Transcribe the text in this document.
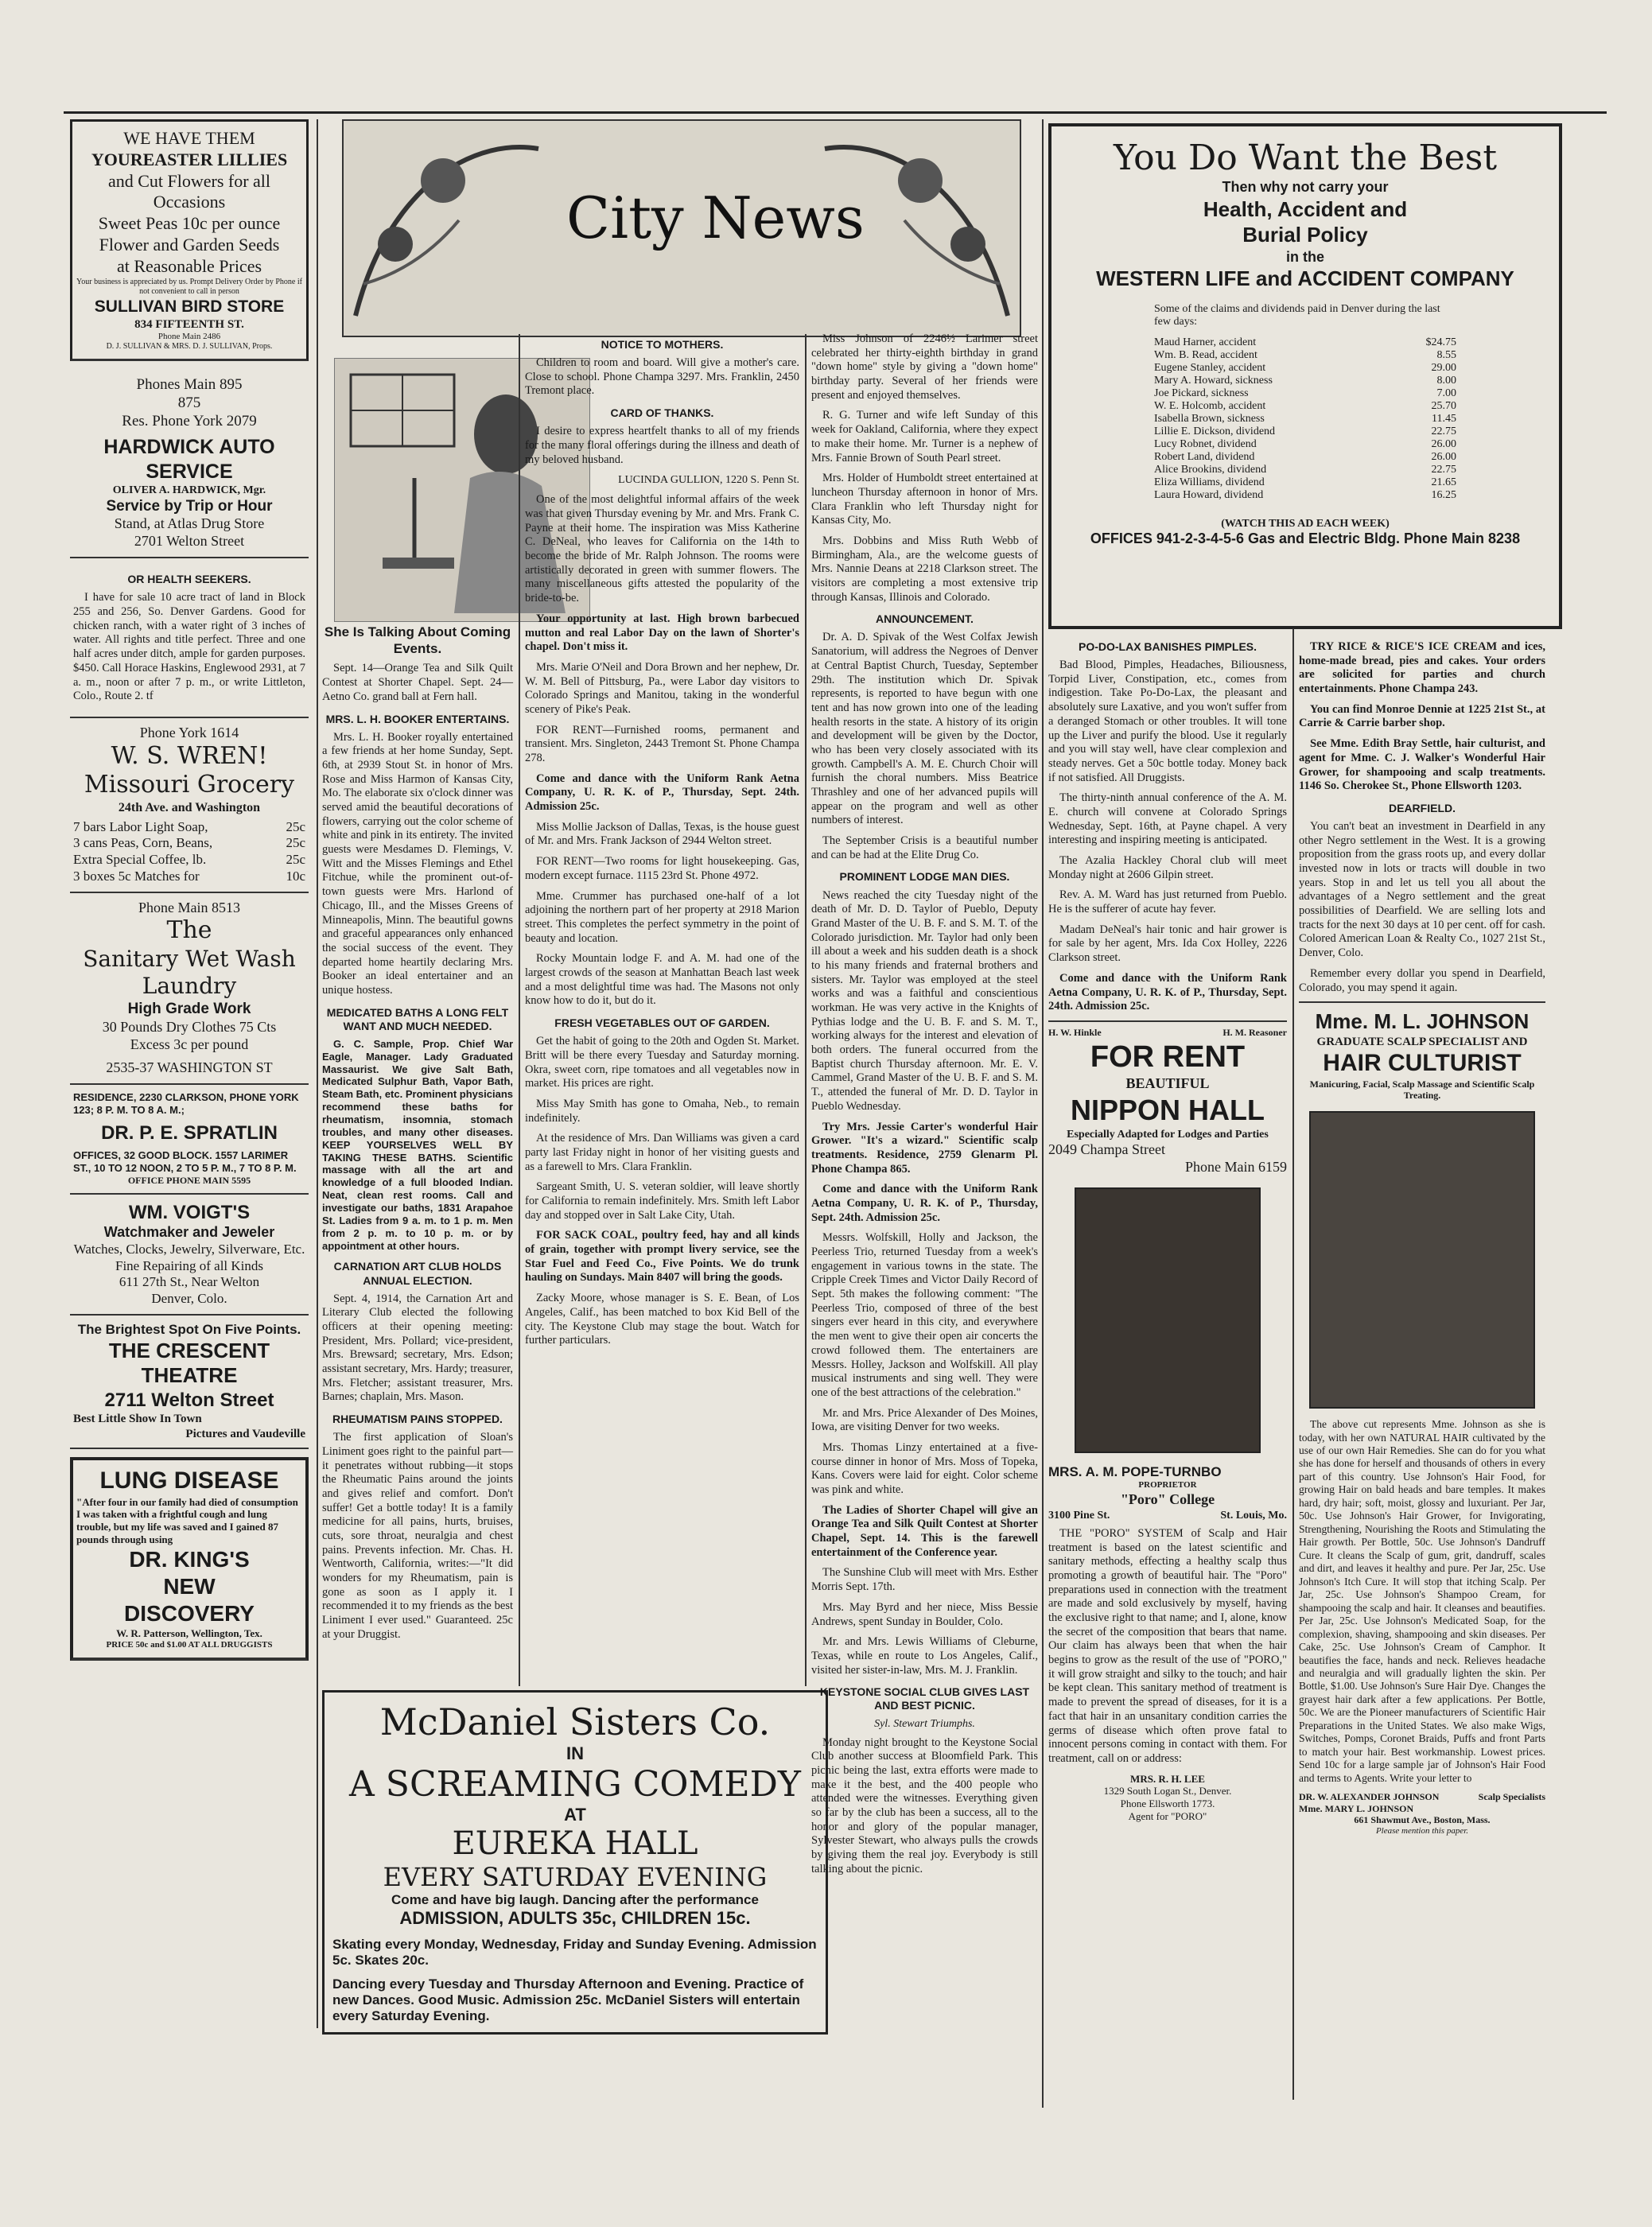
WE HAVE THEM
YOUREASTER LILLIES
and Cut Flowers for all Occasions
Sweet Peas 10c per ounce
Flower and Garden Seeds
at Reasonable Prices
Your business is appreciated by us. Prompt Delivery Order by Phone if not convenient to call in person
SULLIVAN BIRD STORE
834 FIFTEENTH ST.
Phone Main 2486
D. J. SULLIVAN & MRS. D. J. SULLIVAN, Props.
Phones Main 895
875
Res. Phone York 2079
HARDWICK AUTO SERVICE
OLIVER A. HARDWICK, Mgr.
Service by Trip or Hour
Stand, at Atlas Drug Store
2701 Welton Street
OR HEALTH SEEKERS.

I have for sale 10 acre tract of land in Block 255 and 256, So. Denver Gardens. Good for chicken ranch, with a water right of 3 inches of water. All rights and title perfect. Three and one half acres under ditch, ample for garden purposes. $450. Call Horace Haskins, Englewood 2931, at 7 a. m., noon or after 7 p. m., or write Littleton, Colo., Route 2. tf

Phone York 1614
W. S. WREN!
Missouri Grocery
24th Ave. and Washington
7 bars Labor Light Soap,	25c
3 cans Peas, Corn, Beans,	25c
Extra Special Coffee, lb.	25c
3 boxes 5c Matches for	10c
Phone Main 8513
The
Sanitary Wet Wash
Laundry
High Grade Work
30 Pounds Dry Clothes 75 Cts
Excess 3c per pound
2535-37 WASHINGTON ST
RESIDENCE, 2230 CLARKSON, PHONE YORK 123; 8 P. M. TO 8 A. M.;
DR. P. E. SPRATLIN
OFFICES, 32 GOOD BLOCK. 1557 LARIMER ST., 10 TO 12 NOON, 2 TO 5 P. M., 7 TO 8 P. M.
OFFICE PHONE MAIN 5595
WM. VOIGT'S
Watchmaker and Jeweler
Watches, Clocks, Jewelry, Silverware, Etc.
Fine Repairing of all Kinds
611 27th St., Near Welton
Denver, Colo.
The Brightest Spot On Five Points.
THE CRESCENT
THEATRE
2711 Welton Street
Best Little Show In Town
Pictures and Vaudeville
LUNG DISEASE
"After four in our family had died of consumption I was taken with a frightful cough and lung trouble, but my life was saved and I gained 87 pounds through using
DR. KING'S
NEW
DISCOVERY
W. R. Patterson, Wellington, Tex.
PRICE 50c and $1.00 AT ALL DRUGGISTS
City News
She Is Talking About Coming Events.

Sept. 14—Orange Tea and Silk Quilt Contest at Shorter Chapel. Sept. 24—Aetno Co. grand ball at Fern hall.

MRS. L. H. BOOKER ENTERTAINS.

Mrs. L. H. Booker royally entertained a few friends at her home Sunday, Sept. 6th, at 2939 Stout St. in honor of Mrs. Rose and Miss Harmon of Kansas City, Mo. The elaborate six o'clock dinner was served amid the beautiful decorations of flowers, carrying out the color scheme of white and pink in its entirety. The invited guests were Mesdames D. Flemings, V. Witt and the Misses Flemings and Ethel Fitchue, while the prominent out-of-town guests were Mrs. Harlond of Chicago, Ill., and the Misses Greens of Minneapolis, Minn. The beautiful gowns and graceful appearances only enhanced the social success of the event. They departed home heartily declaring Mrs. Booker an ideal entertainer and an unique hostess.

MEDICATED BATHS A LONG FELT WANT AND MUCH NEEDED.

G. C. Sample, Prop. Chief War Eagle, Manager. Lady Graduated Massaurist. We give Salt Bath, Medicated Sulphur Bath, Vapor Bath, Steam Bath, etc. Prominent physicians recommend these baths for rheumatism, insomnia, stomach troubles, and many other diseases. KEEP YOURSELVES WELL BY TAKING THESE BATHS. Scientific massage with all the art and knowledge of a full blooded Indian. Neat, clean rest rooms. Call and investigate our baths, 1831 Arapahoe St. Ladies from 9 a. m. to 1 p. m. Men from 2 p. m. to 10 p. m. or by appointment at other hours.

CARNATION ART CLUB HOLDS ANNUAL ELECTION.

Sept. 4, 1914, the Carnation Art and Literary Club elected the following officers at their opening meeting: President, Mrs. Pollard; vice-president, Mrs. Brewsard; secretary, Mrs. Edson; assistant secretary, Mrs. Hardy; treasurer, Mrs. Fletcher; assistant treasurer, Mrs. Barnes; chaplain, Mrs. Mason.

RHEUMATISM PAINS STOPPED.

The first application of Sloan's Liniment goes right to the painful part—it penetrates without rubbing—it stops the Rheumatic Pains around the joints and gives relief and comfort. Don't suffer! Get a bottle today! It is a family medicine for all pains, hurts, bruises, cuts, sore throat, neuralgia and chest pains. Prevents infection. Mr. Chas. H. Wentworth, California, writes:—"It did wonders for my Rheumatism, pain is gone as soon as I apply it. I recommended it to my friends as the best Liniment I ever used." Guaranteed. 25c at your Druggist.

NOTICE TO MOTHERS.

Children to room and board. Will give a mother's care. Close to school. Phone Champa 3297. Mrs. Franklin, 2450 Tremont place.

CARD OF THANKS.

I desire to express heartfelt thanks to all of my friends for the many floral offerings during the illness and death of my beloved husband.

LUCINDA GULLION, 1220 S. Penn St.

One of the most delightful informal affairs of the week was that given Thursday evening by Mr. and Mrs. Frank C. Payne at their home. The inspiration was Miss Katherine C. DeNeal, who leaves for California on the 14th to become the bride of Mr. Ralph Johnson. The rooms were artistically decorated in green with summer flowers. The many miscellaneous gifts attested the popularity of the bride-to-be.

Your opportunity at last. High brown barbecued mutton and real Labor Day on the lawn of Shorter's chapel. Don't miss it.

Mrs. Marie O'Neil and Dora Brown and her nephew, Dr. W. M. Bell of Pittsburg, Pa., were Labor day visitors to Colorado Springs and Manitou, taking in the wonderful scenery of Pike's Peak.

FOR RENT—Furnished rooms, permanent and transient. Mrs. Singleton, 2443 Tremont St. Phone Champa 278.

Come and dance with the Uniform Rank Aetna Company, U. R. K. of P., Thursday, Sept. 24th. Admission 25c.

Miss Mollie Jackson of Dallas, Texas, is the house guest of Mr. and Mrs. Frank Jackson of 2944 Welton street.

FOR RENT—Two rooms for light housekeeping. Gas, modern except furnace. 1115 23rd St. Phone 4972.

Mme. Crummer has purchased one-half of a lot adjoining the northern part of her property at 2918 Marion street. This completes the perfect symmetry in the point of beauty and location.

Rocky Mountain lodge F. and A. M. had one of the largest crowds of the season at Manhattan Beach last week and a most delightful time was had. The Masons not only know how to do it, but do it.

FRESH VEGETABLES OUT OF GARDEN.

Get the habit of going to the 20th and Ogden St. Market. Britt will be there every Tuesday and Saturday morning. Okra, sweet corn, ripe tomatoes and all vegetables now in market. His prices are right.

Miss May Smith has gone to Omaha, Neb., to remain indefinitely.

At the residence of Mrs. Dan Williams was given a card party last Friday night in honor of her visiting guests and as a farewell to Mrs. Clara Franklin.

Sargeant Smith, U. S. veteran soldier, will leave shortly for California to remain indefinitely. Mrs. Smith left Labor day and stopped over in Salt Lake City, Utah.

FOR SACK COAL, poultry feed, hay and all kinds of grain, together with prompt livery service, see the Star Fuel and Feed Co., Five Points. We do trunk hauling on Sundays. Main 8407 will bring the goods.

Zacky Moore, whose manager is S. E. Bean, of Los Angeles, Calif., has been matched to box Kid Bell of the city. The Keystone Club may stage the bout. Watch for further particulars.

McDaniel Sisters Co.
IN
A SCREAMING COMEDY
AT
EUREKA HALL
EVERY SATURDAY EVENING
Come and have big laugh. Dancing after the performance
ADMISSION, ADULTS 35c, CHILDREN 15c.
Skating every Monday, Wednesday, Friday and Sunday Evening. Admission 5c. Skates 20c.
Dancing every Tuesday and Thursday Afternoon and Evening. Practice of new Dances. Good Music. Admission 25c. McDaniel Sisters will entertain every Saturday Evening.

Miss Johnson of 2246½ Larimer street celebrated her thirty-eighth birthday in grand "down home" style by giving a "down home" birthday party. Several of her friends were present and enjoyed themselves.

R. G. Turner and wife left Sunday of this week for Oakland, California, where they expect to make their home. Mr. Turner is a nephew of Mrs. Fannie Brown of South Pearl street.

Mrs. Holder of Humboldt street entertained at luncheon Thursday afternoon in honor of Mrs. Clara Franklin who left Thursday night for Kansas City, Mo.

Mrs. Dobbins and Miss Ruth Webb of Birmingham, Ala., are the welcome guests of Mrs. Nannie Deans at 2218 Clarkson street. The visitors are completing a most extensive trip through Kansas, Illinois and Colorado.

ANNOUNCEMENT.

Dr. A. D. Spivak of the West Colfax Jewish Sanatorium, will address the Negroes of Denver at Central Baptist Church, Tuesday, September 29th. The institution which Dr. Spivak represents, is reported to have begun with one tent and has now grown into one of the leading health resorts in the state. A history of its origin and development will be given by the Doctor, who has been very closely associated with its growth. Campbell's A. M. E. Church Choir will furnish the choral numbers. Miss Beatrice Thrashley and one of her advanced pupils will appear on the program and well as other numbers of interest.

The September Crisis is a beautiful number and can be had at the Elite Drug Co.

PROMINENT LODGE MAN DIES.

News reached the city Tuesday night of the death of Mr. D. D. Taylor of Pueblo, Deputy Grand Master of the U. B. F. and S. M. T. of the Colorado jurisdiction. Mr. Taylor had only been ill about a week and his sudden death is a shock to his many friends and fraternal brothers and sisters. Mr. Taylor was employed at the steel works and was a faithful and conscientious workman. He was very active in the Knights of Pythias lodge and the U. B. F. and S. M. T., working always for the interest and elevation of both orders. The funeral occurred from the Baptist church Thursday afternoon. Mr. E. V. Cammel, Grand Master of the U. B. F. and S. M. T., attended the funeral of Mr. D. D. Taylor in Pueblo Wednesday.

Try Mrs. Jessie Carter's wonderful Hair Grower. "It's a wizard." Scientific scalp treatments. Residence, 2759 Glenarm Pl. Phone Champa 865.

Come and dance with the Uniform Rank Aetna Company, U. R. K. of P., Thursday, Sept. 24th. Admission 25c.

Messrs. Wolfskill, Holly and Jackson, the Peerless Trio, returned Tuesday from a week's engagement in various towns in the state. The Cripple Creek Times and Victor Daily Record of Sept. 5th makes the following comment: "The Peerless Trio, composed of three of the best singers ever heard in this city, and everywhere the men went to give their open air concerts the crowd followed them. The entertainers are Messrs. Holley, Jackson and Wolfskill. All play musical instruments and sing well. They were one of the best attractions of the celebration."

Mr. and Mrs. Price Alexander of Des Moines, Iowa, are visiting Denver for two weeks.

Mrs. Thomas Linzy entertained at a five-course dinner in honor of Mrs. Moss of Topeka, Kans. Covers were laid for eight. Color scheme was pink and white.

The Ladies of Shorter Chapel will give an Orange Tea and Silk Quilt Contest at Shorter Chapel, Sept. 14. This is the farewell entertainment of the Conference year.

The Sunshine Club will meet with Mrs. Esther Morris Sept. 17th.

Mrs. May Byrd and her niece, Miss Bessie Andrews, spent Sunday in Boulder, Colo.

Mr. and Mrs. Lewis Williams of Cleburne, Texas, while en route to Los Angeles, Calif., visited her sister-in-law, Mrs. M. J. Franklin.

KEYSTONE SOCIAL CLUB GIVES LAST AND BEST PICNIC.
Syl. Stewart Triumphs.

Monday night brought to the Keystone Social Club another success at Bloomfield Park. This picnic being the last, extra efforts were made to make it the best, and the 400 people who attended were the witnesses. Everything given so far by the club has been a success, all to the honor and glory of the popular manager, Sylvester Stewart, who always pulls the crowds by giving them the real joy. Everybody is still talking about the picnic.

You Do Want the Best
Then why not carry your
Health, Accident and
Burial Policy
in the
WESTERN LIFE and ACCIDENT COMPANY
Some of the claims and dividends paid in Denver during the last few days:
Maud Harner, accident	$24.75
Wm. B. Read, accident	8.55
Eugene Stanley, accident	29.00
Mary A. Howard, sickness	8.00
Joe Pickard, sickness	7.00
W. E. Holcomb, accident	25.70
Isabella Brown, sickness	11.45
Lillie E. Dickson, dividend	22.75
Lucy Robnet, dividend	26.00
Robert Land, dividend	26.00
Alice Brookins, dividend	22.75
Eliza Williams, dividend	21.65
Laura Howard, dividend	16.25
(WATCH THIS AD EACH WEEK)
OFFICES 941-2-3-4-5-6 Gas and Electric Bldg. Phone Main 8238
PO-DO-LAX BANISHES PIMPLES.

Bad Blood, Pimples, Headaches, Biliousness, Torpid Liver, Constipation, etc., comes from indigestion. Take Po-Do-Lax, the pleasant and absolutely sure Laxative, and you won't suffer from a deranged Stomach or other troubles. It will tone up the Liver and purify the blood. Use it regularly and you will stay well, have clear complexion and steady nerves. Get a 50c bottle today. Money back if not satisfied. All Druggists.

The thirty-ninth annual conference of the A. M. E. church will convene at Colorado Springs Wednesday, Sept. 16th, at Payne chapel. A very interesting and inspiring meeting is anticipated.

The Azalia Hackley Choral club will meet Monday night at 2606 Gilpin street.

Rev. A. M. Ward has just returned from Pueblo. He is the sufferer of acute hay fever.

Madam DeNeal's hair tonic and hair grower is for sale by her agent, Mrs. Ida Cox Holley, 2226 Clarkson street.

Come and dance with the Uniform Rank Aetna Company, U. R. K. of P., Thursday, Sept. 24th. Admission 25c.

H. W. Hinkle	H. M. Reasoner
FOR RENT
BEAUTIFUL
NIPPON HALL
Especially Adapted for Lodges and Parties
2049 Champa Street
Phone Main 6159
MRS. A. M. POPE-TURNBO
PROPRIETOR
"Poro" College
3100 Pine St.	St. Louis, Mo.

THE "PORO" SYSTEM of Scalp and Hair treatment is based on the latest scientific and sanitary methods, effecting a healthy scalp thus promoting a growth of beautiful hair. The "Poro" preparations used in connection with the treatment are made and sold exclusively by myself, having the exclusive right to that name; and I, alone, know the secret of the composition that bears that name. Our claim has always been that when the hair begins to grow as the result of the use of "PORO," it will grow straight and silky to the touch; and hair be kept clean. This sanitary method of treatment is made to prevent the spread of diseases, for it is a fact that hair in an unsanitary condition carries the germs of disease which often prove fatal to innocent persons coming in contact with them. For treatment, call on or address:

MRS. R. H. LEE
1329 South Logan St., Denver.
Phone Ellsworth 1773.
Agent for "PORO"

TRY RICE & RICE'S ICE CREAM and ices, home-made bread, pies and cakes. Your orders are solicited for parties and church entertainments. Phone Champa 243.

You can find Monroe Dennie at 1225 21st St., at Carrie & Carrie barber shop.

See Mme. Edith Bray Settle, hair culturist, and agent for Mme. C. J. Walker's Wonderful Hair Grower, for shampooing and scalp treatments. 1146 So. Cherokee St., Phone Ellsworth 1203.

DEARFIELD.

You can't beat an investment in Dearfield in any other Negro settlement in the West. It is a growing proposition from the grass roots up, and every dollar invested now in lots or tracts will double in two years. Stop in and let us tell you all about the advantages of a Negro settlement and the great possibilities of Dearfield. We are selling lots and tracts for the next 30 days at 10 per cent. off for cash. Colored American Loan & Realty Co., 1027 21st St., Denver, Colo.

Remember every dollar you spend in Dearfield, Colorado, you may spend it again.

Mme. M. L. JOHNSON
GRADUATE SCALP SPECIALIST AND
HAIR CULTURIST
Manicuring, Facial, Scalp Massage and Scientific Scalp Treating.

The above cut represents Mme. Johnson as she is today, with her own NATURAL HAIR cultivated by the use of our own Hair Remedies. She can do for you what she has done for herself and thousands of others in every part of this country. Use Johnson's Hair Food, for growing Hair on bald heads and bare temples. It makes hard, dry hair; soft, moist, glossy and luxuriant. Per Jar, 50c. Use Johnson's Hair Grower, for Invigorating, Strengthening, Nourishing the Roots and Stimulating the Hair growth. Per Bottle, 50c. Use Johnson's Dandruff Cure. It cleans the Scalp of gum, grit, dandruff, scales and dirt, and leaves it healthy and pure. Per Jar, 25c. Use Johnson's Itch Cure. It will stop that itching Scalp. Per Jar, 25c. Use Johnson's Shampoo Cream, for shampooing the scalp and hair. It cleanses and beautifies. Per Jar, 25c. Use Johnson's Medicated Soap, for the complexion, shaving, shampooing and skin diseases. Per Cake, 25c. Use Johnson's Cream of Camphor. It beautifies the face, hands and neck. Relieves headache and neuralgia and will gradually lighten the skin. Per Bottle, $1.00. Use Johnson's Sure Hair Dye. Changes the grayest hair dark after a few applications. Per Bottle, 50c. We are the Pioneer manufacturers of Scientific Hair Preparations in the United States. We also make Wigs, Switches, Pomps, Coronet Braids, Puffs and front Parts to match your hair. Best workmanship. Lowest prices. Send 10c for a large sample jar of Johnson's Hair Food and terms to Agents. Write your letter to

DR. W. ALEXANDER JOHNSON
Mme. MARY L. JOHNSON
Scalp Specialists
661 Shawmut Ave., Boston, Mass.
Please mention this paper.
